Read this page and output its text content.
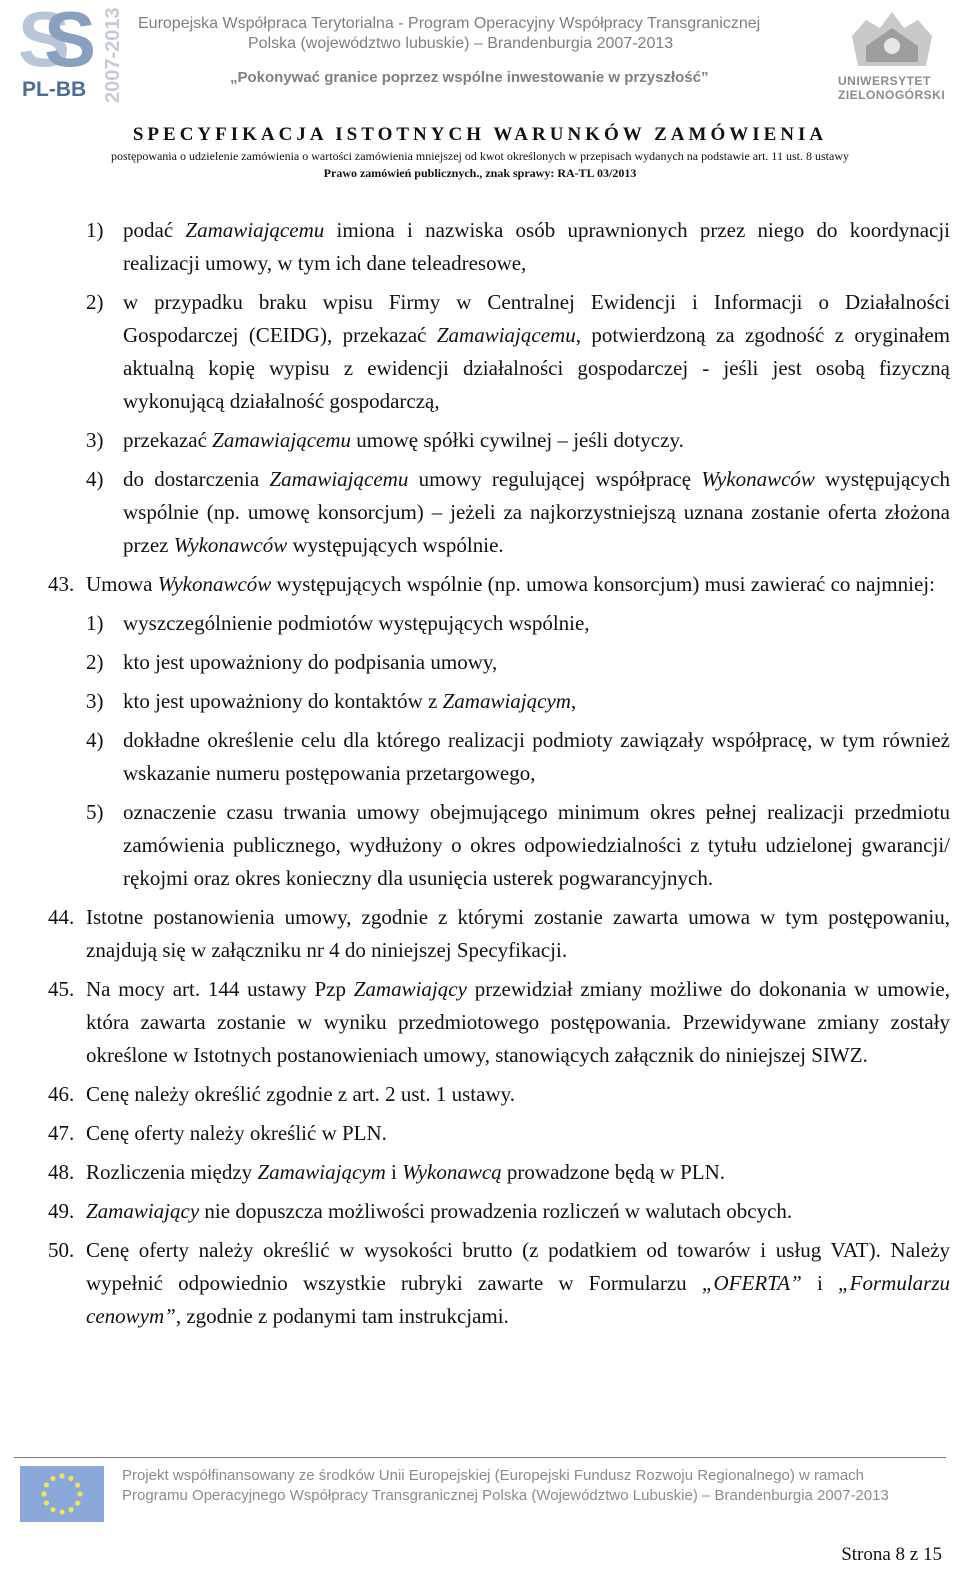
S
S
PL-BB 2007-2013 Europejska Współpraca Terytorialna - Program Operacyjny Współpracy Transgranicznej
Polska (województwo lubuskie) – Brandenburgia 2007-2013
„Pokonywać granice poprzez wspólne inwestowanie w przyszłość”	UNIWERSYTET ZIELONOGÓRSKI
SPECYFIKACJA ISTOTNYCH WARUNKÓW ZAMÓWIENIA
postępowania o udzielenie zamówienia o wartości zamówienia mniejszej od kwot określonych w przepisach wydanych na podstawie art. 11 ust. 8 ustawy
Prawo zamówień publicznych., znak sprawy: RA-TL 03/2013
1) podać Zamawiającemu imiona i nazwiska osób uprawnionych przez niego do koordynacji realizacji umowy, w tym ich dane teleadresowe,
2) w przypadku braku wpisu Firmy w Centralnej Ewidencji i Informacji o Działalności Gospodarczej (CEIDG), przekazać Zamawiającemu, potwierdzoną za zgodność z oryginałem aktualną kopię wypisu z ewidencji działalności gospodarczej - jeśli jest osobą fizyczną wykonującą działalność gospodarczą,
3) przekazać Zamawiającemu umowę spółki cywilnej – jeśli dotyczy.
4) do dostarczenia Zamawiającemu umowy regulującej współpracę Wykonawców występujących wspólnie (np. umowę konsorcjum) – jeżeli za najkorzystniejszą uznana zostanie oferta złożona przez Wykonawców występujących wspólnie.
43. Umowa Wykonawców występujących wspólnie (np. umowa konsorcjum) musi zawierać co najmniej:
1) wyszczególnienie podmiotów występujących wspólnie,
2) kto jest upoważniony do podpisania umowy,
3) kto jest upoważniony do kontaktów z Zamawiającym,
4) dokładne określenie celu dla którego realizacji podmioty zawiązały współpracę, w tym również wskazanie numeru postępowania przetargowego,
5) oznaczenie czasu trwania umowy obejmującego minimum okres pełnej realizacji przedmiotu zamówienia publicznego, wydłużony o okres odpowiedzialności z tytułu udzielonej gwarancji/ rękojmi oraz okres konieczny dla usunięcia usterek pogwarancyjnych.
44. Istotne postanowienia umowy, zgodnie z którymi zostanie zawarta umowa w tym postępowaniu, znajdują się w załączniku nr 4 do niniejszej Specyfikacji.
45. Na mocy art. 144 ustawy Pzp Zamawiający przewidział zmiany możliwe do dokonania w umowie, która zawarta zostanie w wyniku przedmiotowego postępowania. Przewidywane zmiany zostały określone w Istotnych postanowieniach umowy, stanowiących załącznik do niniejszej SIWZ.
46. Cenę należy określić zgodnie z art. 2 ust. 1 ustawy.
47. Cenę oferty należy określić w PLN.
48. Rozliczenia między Zamawiającym i Wykonawcą prowadzone będą w PLN.
49. Zamawiający nie dopuszcza możliwości prowadzenia rozliczeń w walutach obcych.
50. Cenę oferty należy określić w wysokości brutto (z podatkiem od towarów i usług VAT). Należy wypełnić odpowiednio wszystkie rubryki zawarte w Formularzu „OFERTA” i „Formularzu cenowym”, zgodnie z podanymi tam instrukcjami.
Projekt współfinansowany ze środków Unii Europejskiej (Europejski Fundusz Rozwoju Regionalnego) w ramach
Programu Operacyjnego Współpracy Transgranicznej Polska (Województwo Lubuskie) – Brandenburgia 2007-2013
Strona 8 z 15
